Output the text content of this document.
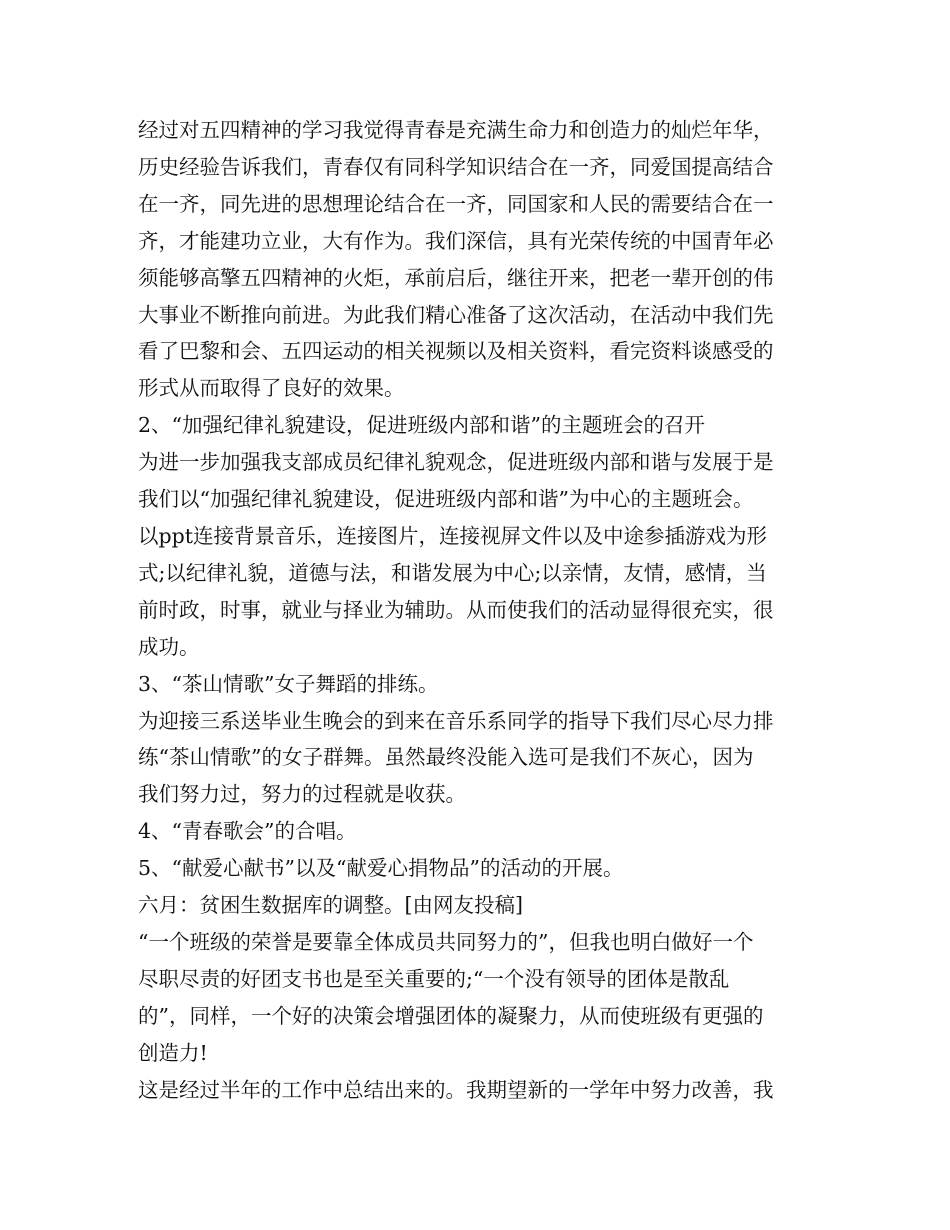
经过对五四精神的学习我觉得青春是充满生命力和创造力的灿烂年华，

历史经验告诉我们，青春仅有同科学知识结合在一齐，同爱国提高结合

在一齐，同先进的思想理论结合在一齐，同国家和人民的需要结合在一

齐，才能建功立业，大有作为。我们深信，具有光荣传统的中国青年必

须能够高擎五四精神的火炬，承前启后，继往开来，把老一辈开创的伟

大事业不断推向前进。为此我们精心准备了这次活动，在活动中我们先

看了巴黎和会、五四运动的相关视频以及相关资料，看完资料谈感受的

形式从而取得了良好的效果。

2、“加强纪律礼貌建设，促进班级内部和谐”的主题班会的召开

为进一步加强我支部成员纪律礼貌观念，促进班级内部和谐与发展于是

我们以“加强纪律礼貌建设，促进班级内部和谐”为中心的主题班会。

以ppt连接背景音乐，连接图片，连接视屏文件以及中途参插游戏为形

式;以纪律礼貌，道德与法，和谐发展为中心;以亲情，友情，感情，当

前时政，时事，就业与择业为辅助。从而使我们的活动显得很充实，很

成功。

3、“茶山情歌”女子舞蹈的排练。

为迎接三系送毕业生晚会的到来在音乐系同学的指导下我们尽心尽力排

练“茶山情歌”的女子群舞。虽然最终没能入选可是我们不灰心，因为

我们努力过，努力的过程就是收获。

4、“青春歌会”的合唱。

5、“献爱心献书”以及“献爱心捐物品”的活动的开展。

六月：贫困生数据库的调整。[由网友投稿]

“一个班级的荣誉是要靠全体成员共同努力的”，但我也明白做好一个

尽职尽责的好团支书也是至关重要的;“一个没有领导的团体是散乱

的”，同样，一个好的决策会增强团体的凝聚力，从而使班级有更强的

创造力!

这是经过半年的工作中总结出来的。我期望新的一学年中努力改善，我
